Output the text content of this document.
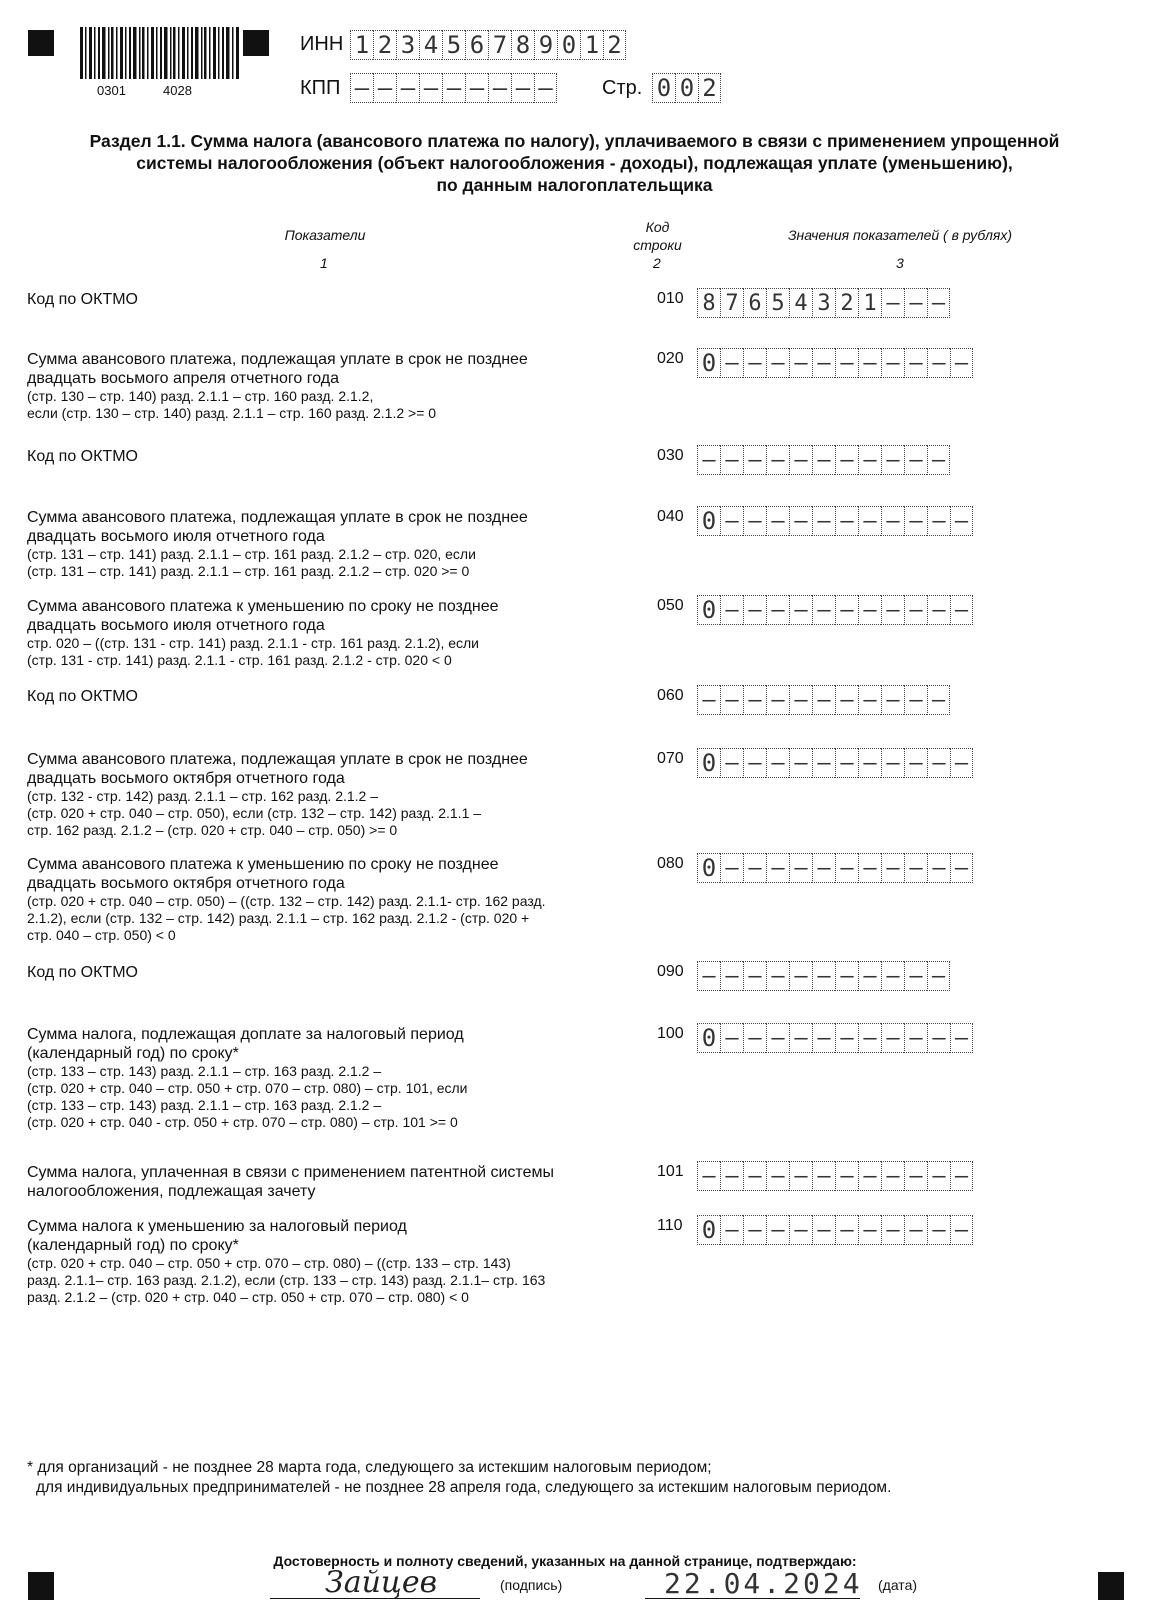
0301	4028
ИНН 1 2 3 4 5 6 7 8 9 0 1 2
КПП – – – – – – – – – Стр. 0 0 2
Раздел 1.1. Сумма налога (авансового платежа по налогу), уплачиваемого в связи с применением упрощенной
системы налогообложения (объект налогообложения - доходы), подлежащая уплате (уменьшению),
по данным налогоплательщика
Показатели	Код
строки
Значения показателей ( в рублях)
1	2	3
Код по ОКТМО	010 8 7 6 5 4 3 2 1 – – –
Сумма авансового платежа, подлежащая уплате в срок не позднее
двадцать восьмого апреля отчетного года
(стр. 130 – стр. 140) разд. 2.1.1 – стр. 160 разд. 2.1.2,
если (стр. 130 – стр. 140) разд. 2.1.1 – стр. 160 разд. 2.1.2 >= 0
020 0 – – – – – – – – – – –
Код по ОКТМО	030 – – – – – – – – – – –
Сумма авансового платежа, подлежащая уплате в срок не позднее
двадцать восьмого июля отчетного года
(стр. 131 – стр. 141) разд. 2.1.1 – стр. 161 разд. 2.1.2 – стр. 020, если
(стр. 131 – стр. 141) разд. 2.1.1 – стр. 161 разд. 2.1.2 – стр. 020 >= 0
040 0 – – – – – – – – – – –
Сумма авансового платежа к уменьшению по сроку не позднее
двадцать восьмого июля отчетного года
стр. 020 – ((стр. 131 - стр. 141) разд. 2.1.1 - стр. 161 разд. 2.1.2), если
(стр. 131 - стр. 141) разд. 2.1.1 - стр. 161 разд. 2.1.2 - стр. 020 < 0
050 0 – – – – – – – – – – –
Код по ОКТМО	060 – – – – – – – – – – –
Сумма авансового платежа, подлежащая уплате в срок не позднее
двадцать восьмого октября отчетного года
(стр. 132 - стр. 142) разд. 2.1.1 – стр. 162 разд. 2.1.2 –
(стр. 020 + стр. 040 – стр. 050), если (стр. 132 – стр. 142) разд. 2.1.1 –
стр. 162 разд. 2.1.2 – (стр. 020 + стр. 040 – стр. 050) >= 0
070 0 – – – – – – – – – – –
Сумма авансового платежа к уменьшению по сроку не позднее
двадцать восьмого октября отчетного года
(стр. 020 + стр. 040 – стр. 050) – ((стр. 132 – стр. 142) разд. 2.1.1- стр. 162 разд.
2.1.2), если (стр. 132 – стр. 142) разд. 2.1.1 – стр. 162 разд. 2.1.2 - (стр. 020 +
стр. 040 – стр. 050) < 0
080 0 – – – – – – – – – – –
Код по ОКТМО	090 – – – – – – – – – – –
Сумма налога, подлежащая доплате за налоговый период
(календарный год) по сроку*
(стр. 133 – стр. 143) разд. 2.1.1 – стр. 163 разд. 2.1.2 –
(стр. 020 + стр. 040 – стр. 050 + стр. 070 – стр. 080) – стр. 101, если
(стр. 133 – стр. 143) разд. 2.1.1 – стр. 163 разд. 2.1.2 –
(стр. 020 + стр. 040 - стр. 050 + стр. 070 – стр. 080) – стр. 101 >= 0
100 0 – – – – – – – – – – –
Сумма налога, уплаченная в связи с применением патентной системы
налогообложения, подлежащая зачету
101 – – – – – – – – – – – –
Сумма налога к уменьшению за налоговый период
(календарный год) по сроку*
(стр. 020 + стр. 040 – стр. 050 + стр. 070 – стр. 080) – ((стр. 133 – стр. 143)
разд. 2.1.1– стр. 163 разд. 2.1.2), если (стр. 133 – стр. 143) разд. 2.1.1– стр. 163
разд. 2.1.2 – (стр. 020 + стр. 040 – стр. 050 + стр. 070 – стр. 080) < 0
110 0 – – – – – – – – – – –
* для организаций - не позднее 28 марта года, следующего за истекшим налоговым периодом;
для индивидуальных предпринимателей - не позднее 28 апреля года, следующего за истекшим налоговым периодом.
Достоверность и полноту сведений, указанных на данной странице, подтверждаю:
Зайцев	(подпись)	22.04.2024 (дата)
